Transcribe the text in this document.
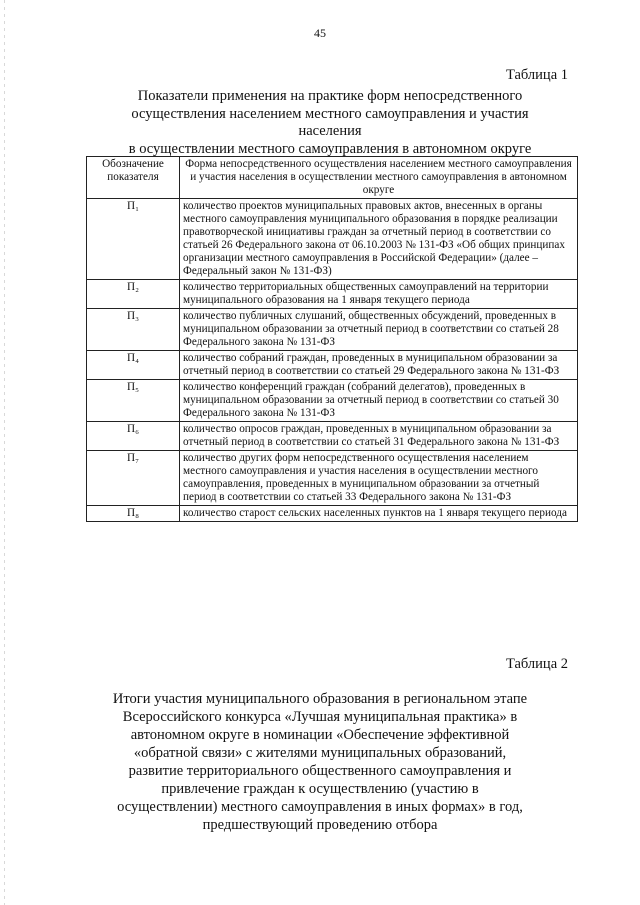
45
Таблица 1
Показатели применения на практике форм непосредственного
осуществления населением местного самоуправления и участия населения
в осуществлении местного самоуправления в автономном округе
Обозначение показателя	Форма непосредственного осуществления населением местного самоуправления и участия населения в осуществлении местного самоуправления в автономном округе
П₁	количество проектов муниципальных правовых актов, внесенных в органы местного самоуправления муниципального образования в порядке реализации правотворческой инициативы граждан за отчетный период в соответствии со статьей 26 Федерального закона от 06.10.2003 № 131-ФЗ «Об общих принципах организации местного самоуправления в Российской Федерации» (далее – Федеральный закон № 131-ФЗ)
П₂	количество территориальных общественных самоуправлений на территории муниципального образования на 1 января текущего периода
П₃	количество публичных слушаний, общественных обсуждений, проведенных в муниципальном образовании за отчетный период в соответствии со статьей 28 Федерального закона № 131-ФЗ
П₄	количество собраний граждан, проведенных в муниципальном образовании за отчетный период в соответствии со статьей 29 Федерального закона № 131-ФЗ
П₅	количество конференций граждан (собраний делегатов), проведенных в муниципальном образовании за отчетный период в соответствии со статьей 30 Федерального закона № 131-ФЗ
П₆	количество опросов граждан, проведенных в муниципальном образовании за отчетный период в соответствии со статьей 31 Федерального закона № 131-ФЗ
П₇	количество других форм непосредственного осуществления населением местного самоуправления и участия населения в осуществлении местного самоуправления, проведенных в муниципальном образовании за отчетный период в соответствии со статьей 33 Федерального закона № 131-ФЗ
П₈	количество старост сельских населенных пунктов на 1 января текущего периода
Таблица 2
Итоги участия муниципального образования в региональном этапе Всероссийского конкурса «Лучшая муниципальная практика» в автономном округе в номинации «Обеспечение эффективной «обратной связи» с жителями муниципальных образований, развитие территориального общественного самоуправления и привлечение граждан к осуществлению (участию в осуществлении) местного самоуправления в иных формах» в год, предшествующий проведению отбора
